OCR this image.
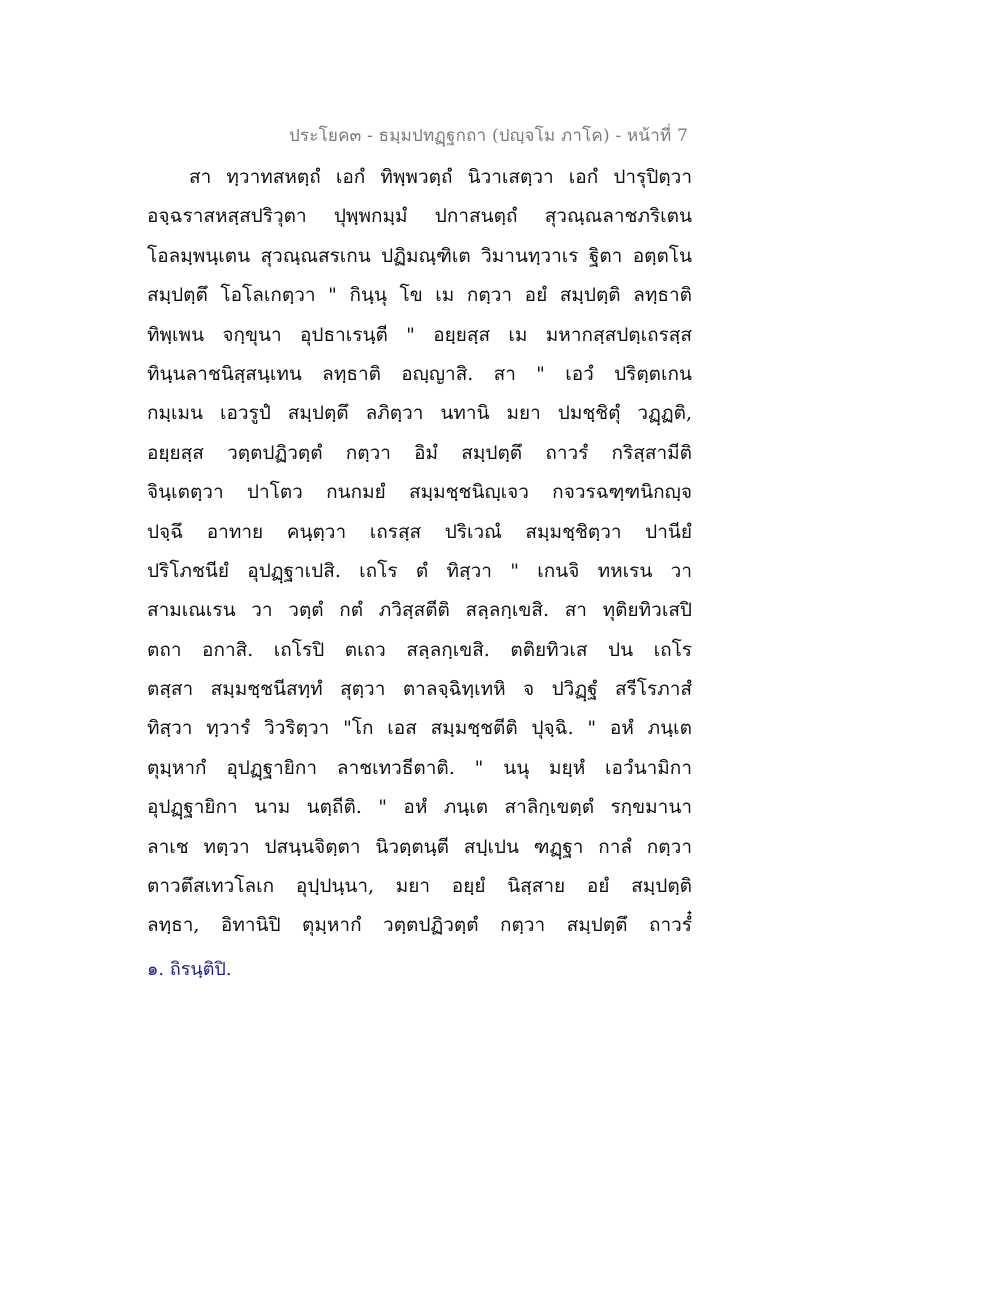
ประโยค๓ - ธมฺมปทฏฺฐกถา (ปญฺจโม ภาโค) - หน้าที่ 7
สา ทฺวาทสหตฺถํ เอกํ ทิพฺพวตฺถํ นิวาเสตฺวา เอกํ ปารุปิตฺวา
อจฺฉราสหสฺสปริวุตา ปุพฺพกมฺมํ ปกาสนตฺถํ สุวณฺณลาชภริเตน
โอลมฺพนฺเตน สุวณฺณสรเกน ปฏิมณฺฑิเต วิมานทฺวาเร ฐิตา อตฺตโน
สมฺปตฺตึ โอโลเกตฺวา " กินฺนุ โข เม กตฺวา อยํ สมฺปตฺติ ลทฺธาติ
ทิพฺเพน จกฺขุนา อุปธาเรนฺตี " อยฺยสฺส เม มหากสฺสปตฺเถรสฺส
ทินฺนลาชนิสฺสนฺเทน ลทฺธาติ อญฺญาสิ. สา " เอวํ ปริตฺตเกน
กมฺเมน เอวรูปํ สมฺปตฺตึ ลภิตฺวา นทานิ มยา ปมชฺชิตุํ วฏฺฏติ,
อยฺยสฺส วตฺตปฏิวตฺตํ กตฺวา อิมํ สมฺปตฺตึ ถาวรํ กริสฺสามีติ
จินฺเตตฺวา ปาโตว กนกมยํ สมฺมชฺชนิญฺเจว กจวรฉฑฺฑนิกญฺจ
ปจฺฉึ อาทาย คนฺตฺวา เถรสฺส ปริเวณํ สมฺมชฺชิตฺวา ปานียํ
ปริโภชนียํ อุปฏฺฐาเปสิ. เถโร ตํ ทิสฺวา " เกนจิ ทหเรน วา
สามเณเรน วา วตฺตํ กตํ ภวิสฺสตีติ สลฺลกฺเขสิ. สา ทุติยทิวเสปิ
ตถา อกาสิ. เถโรปิ ตเถว สลฺลกฺเขสิ. ตติยทิวเส ปน เถโร
ตสฺสา สมฺมชฺชนีสทฺทํ สุตฺวา ตาลจฺฉิทฺเทหิ จ ปวิฏฺฐํ สรีโรภาสํ
ทิสฺวา ทฺวารํ วิวริตฺวา "โก เอส สมฺมชฺชตีติ ปุจฺฉิ. " อหํ ภนฺเต
ตุมฺหากํ อุปฏฺฐายิกา ลาชเทวธีตาติ. " นนุ มยฺหํ เอวํนามิกา
อุปฏฺฐายิกา นาม นตฺถีติ. " อหํ ภนฺเต สาลิกฺเขตฺตํ รกฺขมานา
ลาเช ทตฺวา ปสนฺนจิตฺตา นิวตฺตนฺตี สปฺเปน ฑฏฺฐา กาลํ กตฺวา
ตาวตึสเทวโลเก อุปฺปนฺนา, มยา อยฺยํ นิสฺสาย อยํ สมฺปตฺติ
ลทฺธา, อิทานิปิ ตุมฺหากํ วตฺตปฏิวตฺตํ กตฺวา สมฺปตฺตึ ถาวรํ๋
๑. ถิรนฺติปิ.
